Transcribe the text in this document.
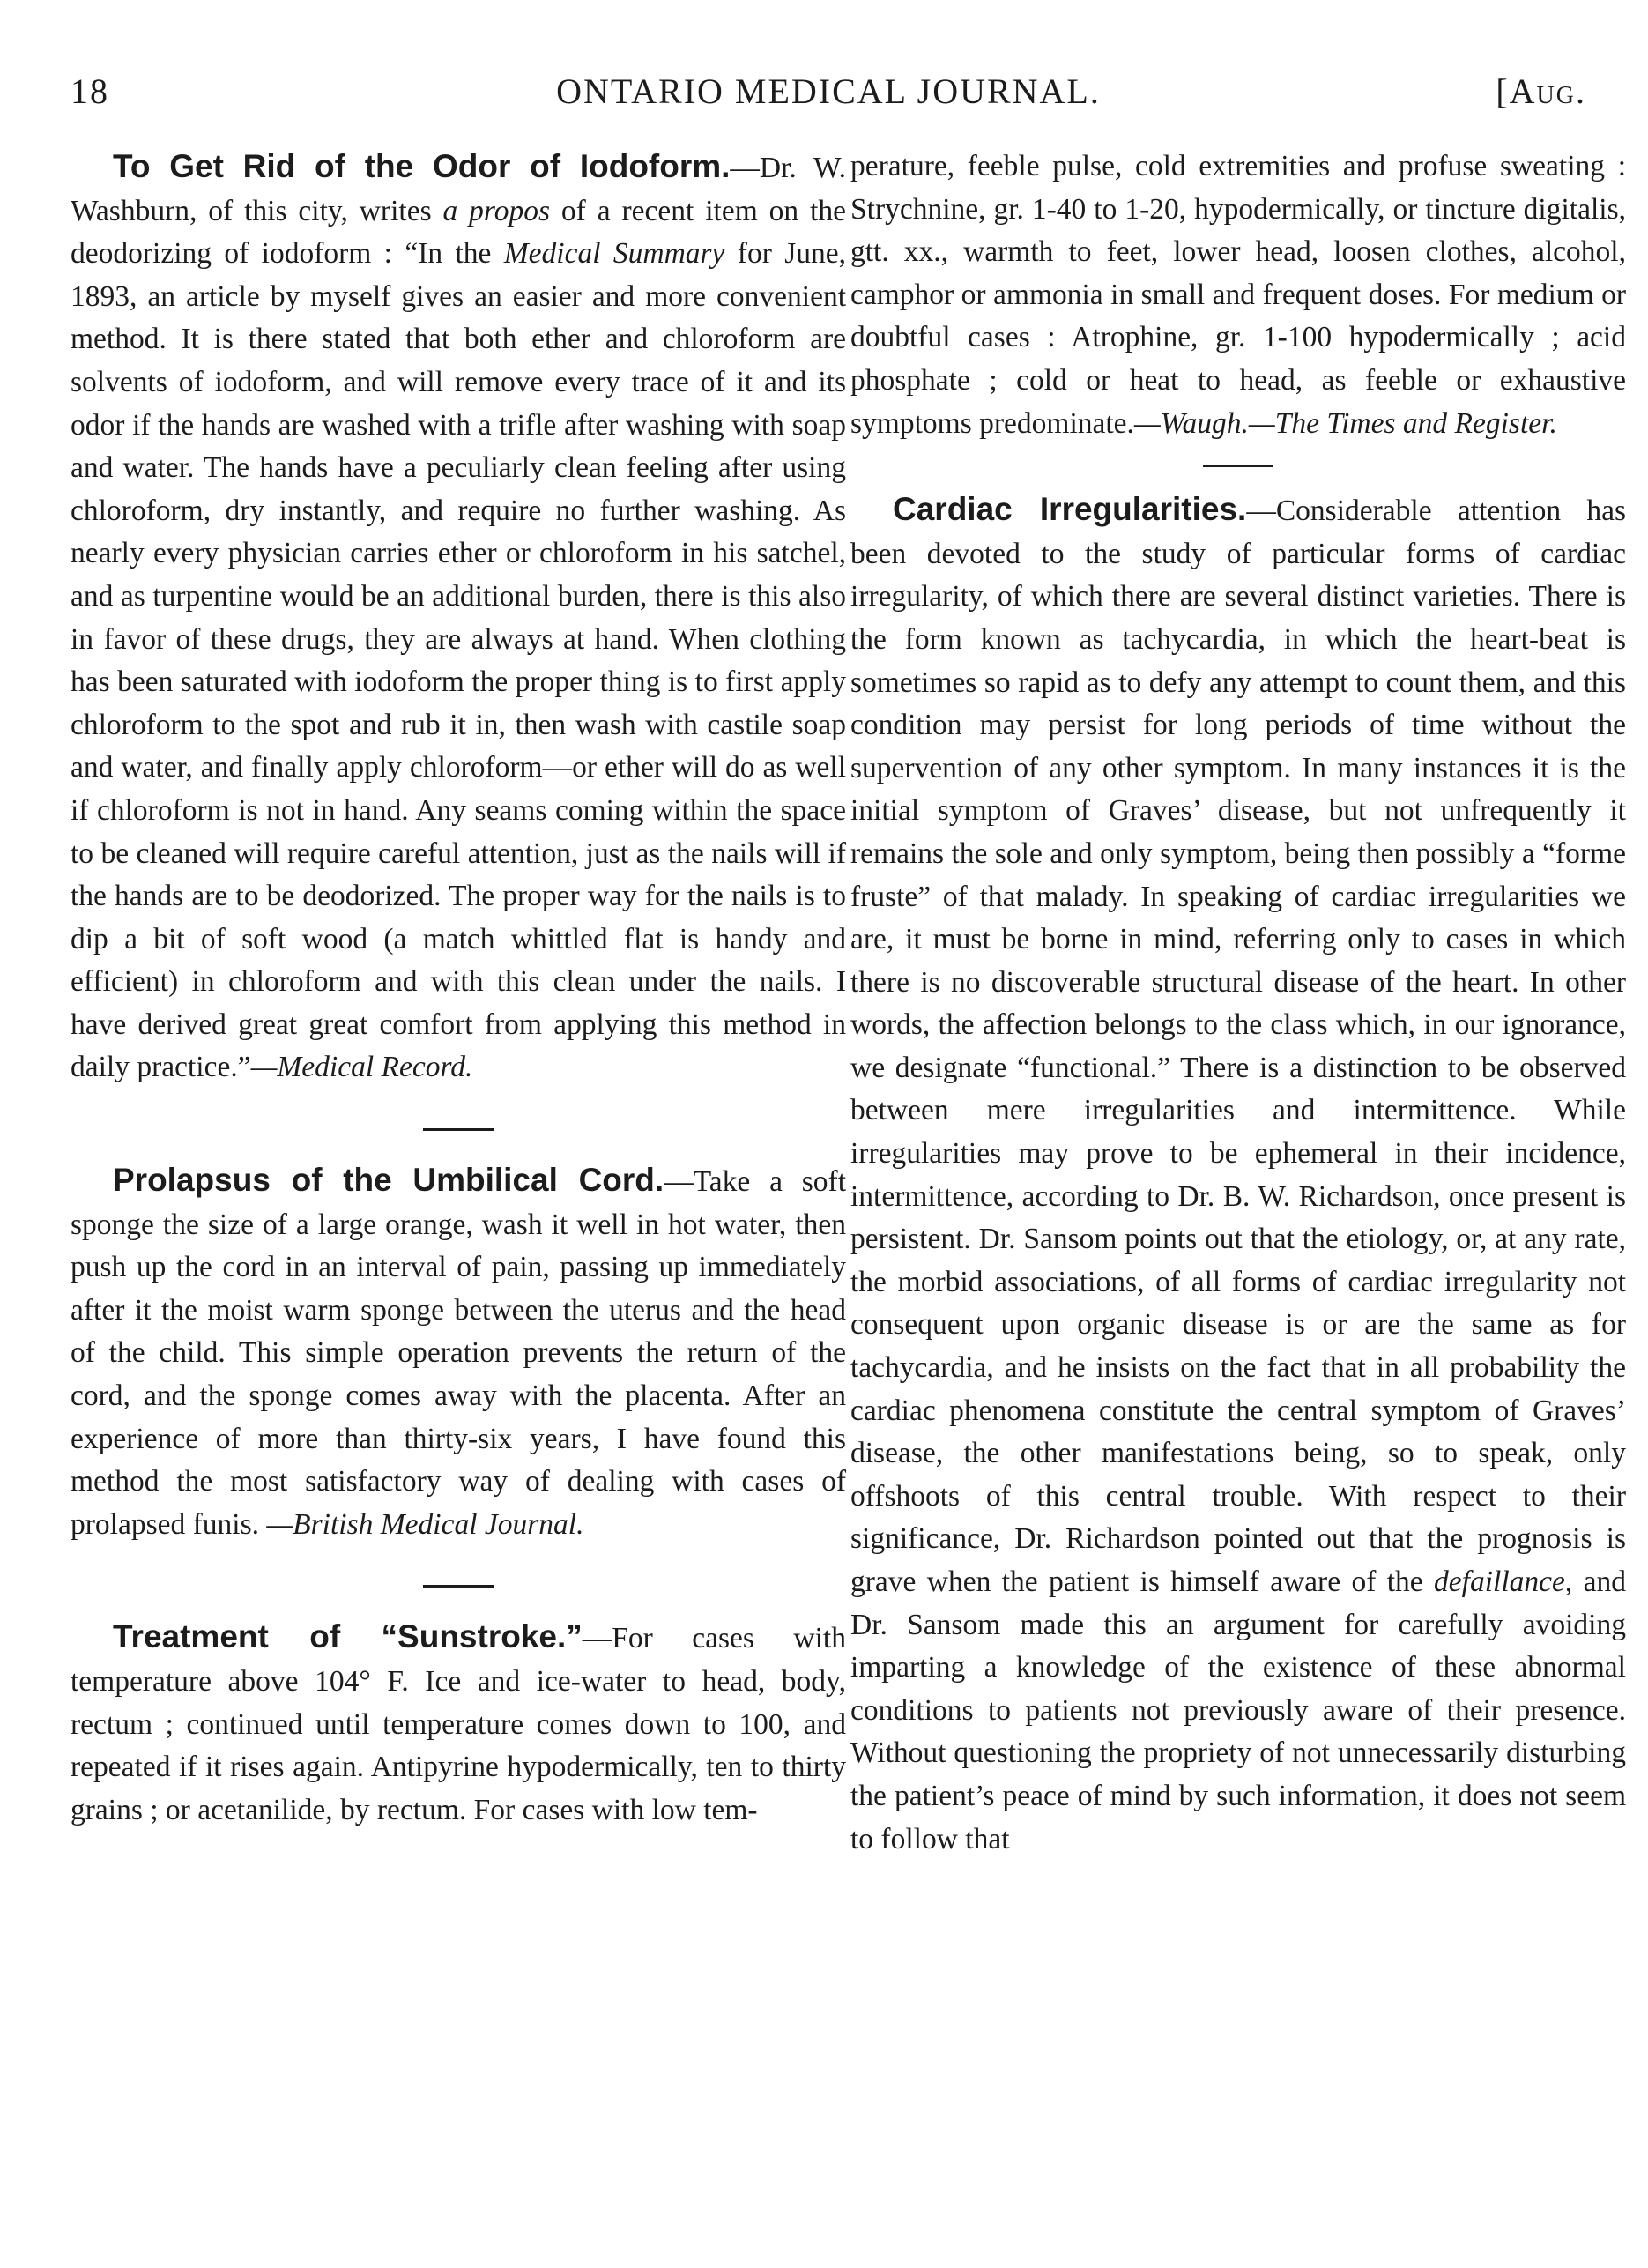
18	ONTARIO MEDICAL JOURNAL.	[Aug.

To Get Rid of the Odor of Iodoform.—Dr. W. Washburn, of this city, writes a propos of a recent item on the deodorizing of iodoform : “In the Medical Summary for June, 1893, an article by myself gives an easier and more convenient method. It is there stated that both ether and chloroform are solvents of iodoform, and will remove every trace of it and its odor if the hands are washed with a trifle after washing with soap and water. The hands have a peculiarly clean feeling after using chloroform, dry instantly, and require no further washing. As nearly every physician carries ether or chloroform in his satchel, and as turpentine would be an additional burden, there is this also in favor of these drugs, they are always at hand. When clothing has been saturated with iodoform the proper thing is to first apply chloroform to the spot and rub it in, then wash with castile soap and water, and finally apply chloroform—or ether will do as well if chloroform is not in hand. Any seams coming within the space to be cleaned will require careful attention, just as the nails will if the hands are to be deodorized. The proper way for the nails is to dip a bit of soft wood (a match whittled flat is handy and efficient) in chloroform and with this clean under the nails. I have derived great great comfort from applying this method in daily practice.”—Medical Record.

Prolapsus of the Umbilical Cord.—Take a soft sponge the size of a large orange, wash it well in hot water, then push up the cord in an interval of pain, passing up immediately after it the moist warm sponge between the uterus and the head of the child. This simple operation prevents the return of the cord, and the sponge comes away with the placenta. After an experience of more than thirty-six years, I have found this method the most satisfactory way of dealing with cases of prolapsed funis. —British Medical Journal.

Treatment of “Sunstroke.”—For cases with temperature above 104° F. Ice and ice-water to head, body, rectum ; continued until temperature comes down to 100, and repeated if it rises again. Antipyrine hypodermically, ten to thirty grains ; or acetanilide, by rectum. For cases with low tem-

perature, feeble pulse, cold extremities and profuse sweating : Strychnine, gr. 1-40 to 1-20, hypodermically, or tincture digitalis, gtt. xx., warmth to feet, lower head, loosen clothes, alcohol, camphor or ammonia in small and frequent doses. For medium or doubtful cases : Atrophine, gr. 1-100 hypodermically ; acid phosphate ; cold or heat to head, as feeble or exhaustive symptoms predominate.—Waugh.—The Times and Register.

Cardiac Irregularities.—Considerable attention has been devoted to the study of particular forms of cardiac irregularity, of which there are several distinct varieties. There is the form known as tachycardia, in which the heart-beat is sometimes so rapid as to defy any attempt to count them, and this condition may persist for long periods of time without the supervention of any other symptom. In many instances it is the initial symptom of Graves’ disease, but not unfrequently it remains the sole and only symptom, being then possibly a “forme fruste” of that malady. In speaking of cardiac irregularities we are, it must be borne in mind, referring only to cases in which there is no discoverable structural disease of the heart. In other words, the affection belongs to the class which, in our ignorance, we designate “functional.” There is a distinction to be observed between mere irregularities and intermittence. While irregularities may prove to be ephemeral in their incidence, intermittence, according to Dr. B. W. Richardson, once present is persistent. Dr. Sansom points out that the etiology, or, at any rate, the morbid associations, of all forms of cardiac irregularity not consequent upon organic disease is or are the same as for tachycardia, and he insists on the fact that in all probability the cardiac phenomena constitute the central symptom of Graves’ disease, the other manifestations being, so to speak, only offshoots of this central trouble. With respect to their significance, Dr. Richardson pointed out that the prognosis is grave when the patient is himself aware of the defaillance, and Dr. Sansom made this an argument for carefully avoiding imparting a knowledge of the existence of these abnormal conditions to patients not previously aware of their presence. Without questioning the propriety of not unnecessarily disturbing the patient’s peace of mind by such information, it does not seem to follow that
